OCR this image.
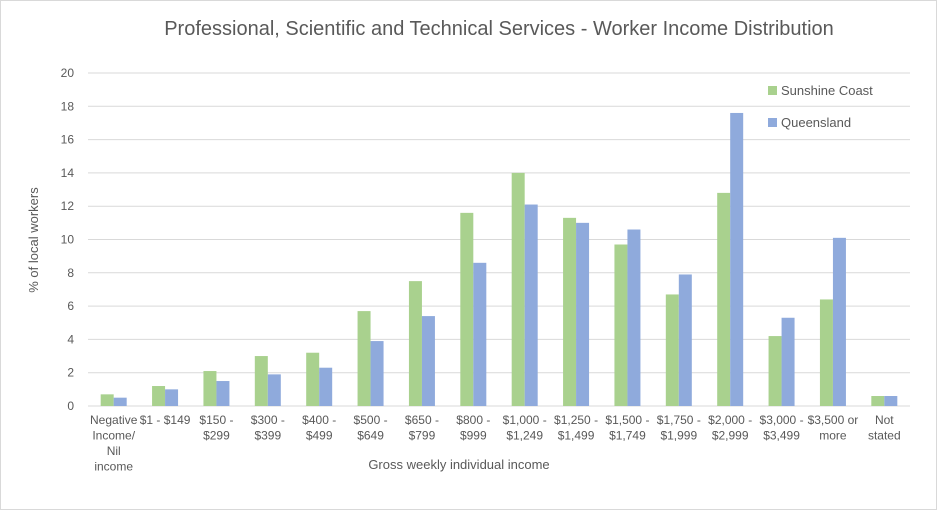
Professional, Scientific and Technical Services - Worker Income Distribution
0
2
4
6
8
10
12
14
16
18
20
Negative Income/ Nil income
$1 - $149 $150 -$299
$300 -$399
$400 -$499
$500 -$649
$650 -$799
$800 -$999
$1,000 -$1,249
$1,250 -$1,499
$1,500 -$1,749
$1,750 -$1,999
$2,000 -$2,999
$3,000 -$3,499
$3,500 or more
Not stated
Gross weekly individual income
% of local workers
Sunshine Coast
Queensland
